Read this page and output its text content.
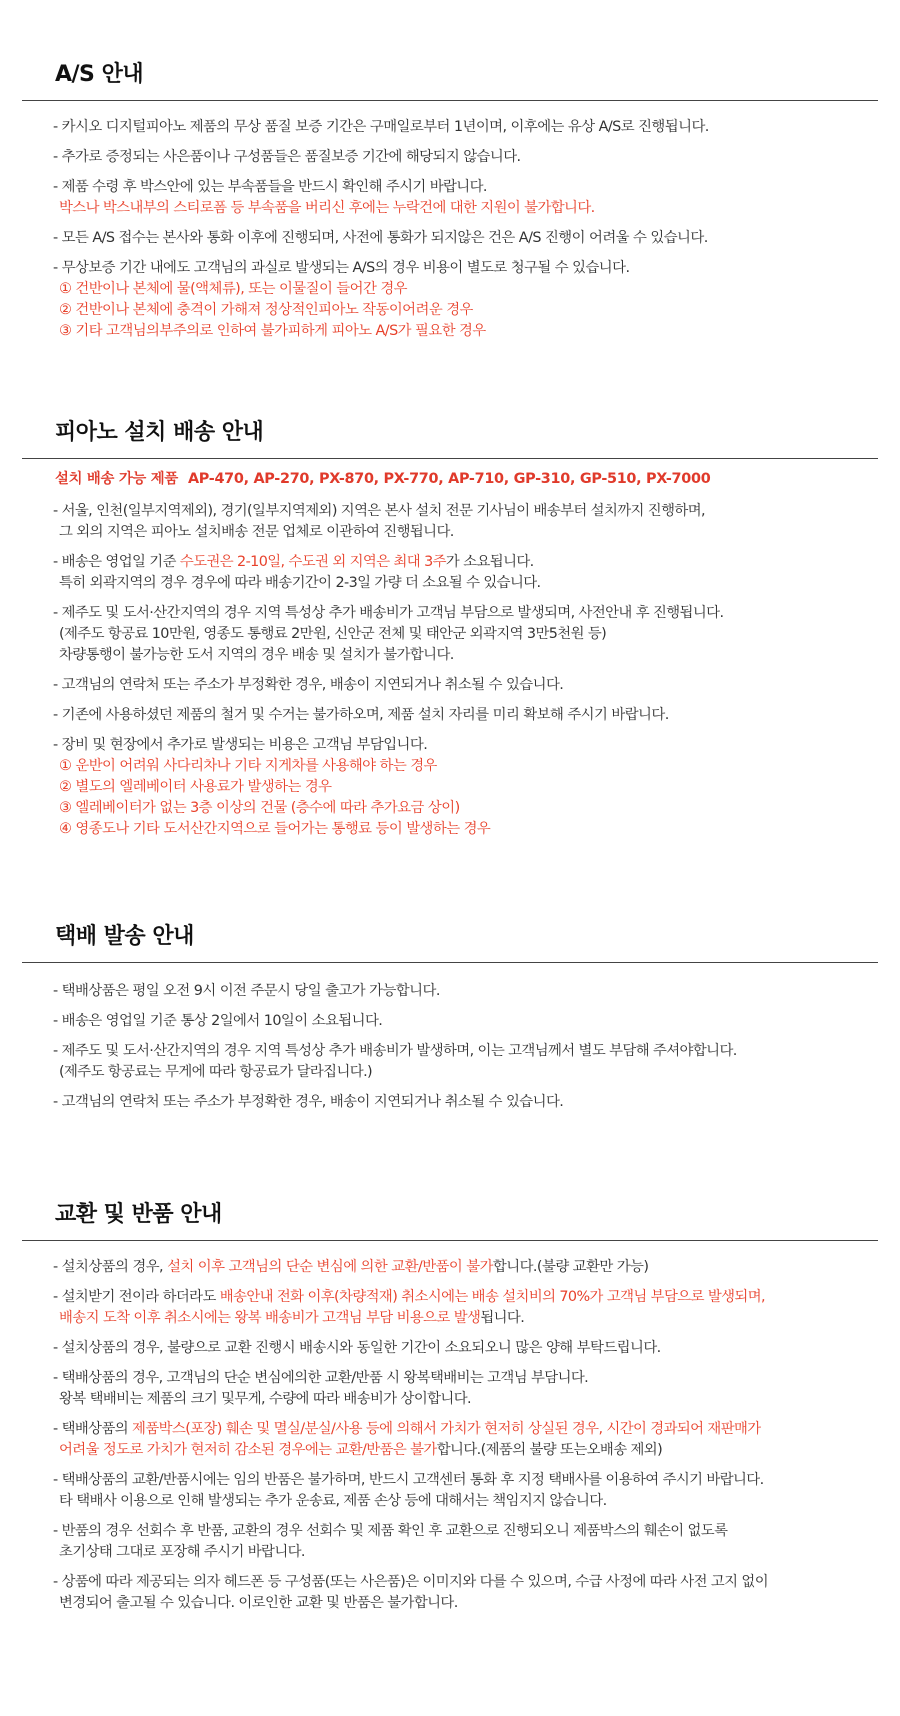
A/S 안내
- 카시오 디지털피아노 제품의 무상 품질 보증 기간은 구매일로부터 1년이며, 이후에는 유상 A/S로 진행됩니다.
- 추가로 증정되는 사은품이나 구성품들은 품질보증 기간에 해당되지 않습니다.
- 제품 수령 후 박스안에 있는 부속품들을 반드시 확인해 주시기 바랍니다.
박스나 박스내부의 스티로폼 등 부속품을 버리신 후에는 누락건에 대한 지원이 불가합니다.
- 모든 A/S 접수는 본사와 통화 이후에 진행되며, 사전에 통화가 되지않은 건은 A/S 진행이 어려울 수 있습니다.
- 무상보증 기간 내에도 고객님의 과실로 발생되는 A/S의 경우 비용이 별도로 청구될 수 있습니다.
① 건반이나 본체에 물(액체류), 또는 이물질이 들어간 경우
② 건반이나 본체에 충격이 가해져 정상적인피아노 작동이어려운 경우
③ 기타 고객님의부주의로 인하여 불가피하게 피아노 A/S가 필요한 경우
피아노 설치 배송 안내
설치 배송 가능 제품 AP-470, AP-270, PX-870, PX-770, AP-710, GP-310, GP-510, PX-7000
- 서울, 인천(일부지역제외), 경기(일부지역제외) 지역은 본사 설치 전문 기사님이 배송부터 설치까지 진행하며,
그 외의 지역은 피아노 설치배송 전문 업체로 이관하여 진행됩니다.
- 배송은 영업일 기준 수도권은 2-10일, 수도권 외 지역은 최대 3주가 소요됩니다.
특히 외곽지역의 경우 경우에 따라 배송기간이 2-3일 가량 더 소요될 수 있습니다.
- 제주도 및 도서·산간지역의 경우 지역 특성상 추가 배송비가 고객님 부담으로 발생되며, 사전안내 후 진행됩니다.
(제주도 항공료 10만원, 영종도 통행료 2만원, 신안군 전체 및 태안군 외곽지역 3만5천원 등)
차량통행이 불가능한 도서 지역의 경우 배송 및 설치가 불가합니다.
- 고객님의 연락처 또는 주소가 부정확한 경우, 배송이 지연되거나 취소될 수 있습니다.
- 기존에 사용하셨던 제품의 철거 및 수거는 불가하오며, 제품 설치 자리를 미리 확보해 주시기 바랍니다.
- 장비 및 현장에서 추가로 발생되는 비용은 고객님 부담입니다.
① 운반이 어려워 사다리차나 기타 지게차를 사용해야 하는 경우
② 별도의 엘레베이터 사용료가 발생하는 경우
③ 엘레베이터가 없는 3층 이상의 건물 (층수에 따라 추가요금 상이)
④ 영종도나 기타 도서산간지역으로 들어가는 통행료 등이 발생하는 경우
택배 발송 안내
- 택배상품은 평일 오전 9시 이전 주문시 당일 출고가 가능합니다.
- 배송은 영업일 기준 통상 2일에서 10일이 소요됩니다.
- 제주도 및 도서·산간지역의 경우 지역 특성상 추가 배송비가 발생하며, 이는 고객님께서 별도 부담해 주셔야합니다.
(제주도 항공료는 무게에 따라 항공료가 달라집니다.)
- 고객님의 연락처 또는 주소가 부정확한 경우, 배송이 지연되거나 취소될 수 있습니다.
교환 및 반품 안내
- 설치상품의 경우, 설치 이후 고객님의 단순 변심에 의한 교환/반품이 불가합니다.(불량 교환만 가능)
- 설치받기 전이라 하더라도 배송안내 전화 이후(차량적재) 취소시에는 배송 설치비의 70%가 고객님 부담으로 발생되며,
배송지 도착 이후 취소시에는 왕복 배송비가 고객님 부담 비용으로 발생됩니다.
- 설치상품의 경우, 불량으로 교환 진행시 배송시와 동일한 기간이 소요되오니 많은 양해 부탁드립니다.
- 택배상품의 경우, 고객님의 단순 변심에의한 교환/반품 시 왕복택배비는 고객님 부담니다.
왕복 택배비는 제품의 크기 및무게, 수량에 따라 배송비가 상이합니다.
- 택배상품의 제품박스(포장) 훼손 및 멸실/분실/사용 등에 의해서 가치가 현저히 상실된 경우, 시간이 경과되어 재판매가
어려울 정도로 가치가 현저히 감소된 경우에는 교환/반품은 불가합니다.(제품의 불량 또는오배송 제외)
- 택배상품의 교환/반품시에는 임의 반품은 불가하며, 반드시 고객센터 통화 후 지정 택배사를 이용하여 주시기 바랍니다.
타 택배사 이용으로 인해 발생되는 추가 운송료, 제품 손상 등에 대해서는 책임지지 않습니다.
- 반품의 경우 선회수 후 반품, 교환의 경우 선회수 및 제품 확인 후 교환으로 진행되오니 제품박스의 훼손이 없도록
초기상태 그대로 포장해 주시기 바랍니다.
- 상품에 따라 제공되는 의자 헤드폰 등 구성품(또는 사은품)은 이미지와 다를 수 있으며, 수급 사정에 따라 사전 고지 없이
변경되어 출고될 수 있습니다. 이로인한 교환 및 반품은 불가합니다.
